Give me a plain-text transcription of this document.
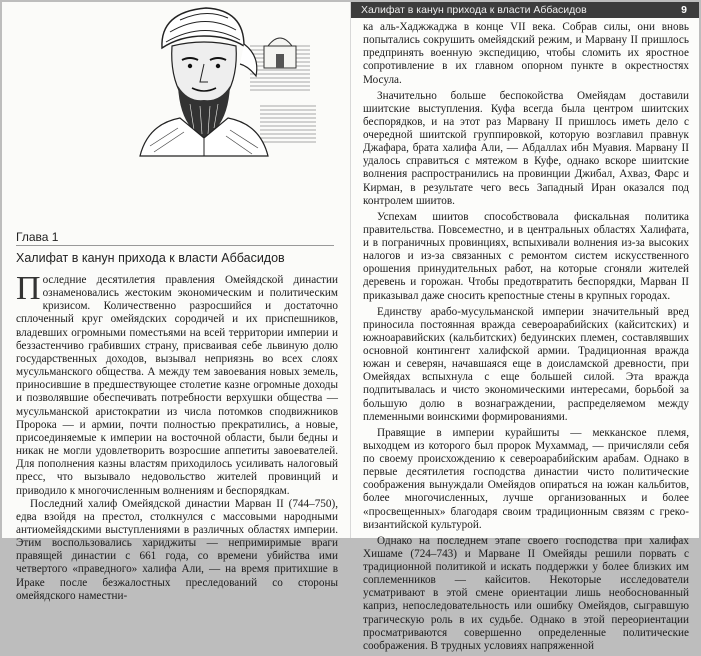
Глава 1

Халифат в канун прихода к власти Аббасидов

Последние десятилетия правления Омейядской династии ознаменовались жестоким экономическим и политическим кризисом. Количественно разросшийся и достаточно сплоченный круг омейядских сородичей и их приспешников, владевших огромными поместьями на всей территории империи и беззастенчиво грабивших страну, присваивая себе львиную долю государственных доходов, вызывал неприязнь во всех слоях мусульманского общества. А между тем завоевания новых земель, приносившие в предшествующее столетие казне огромные доходы и позволявшие обеспечивать потребности верхушки общества — мусульманской аристократии из числа потомков сподвижников Пророка — и армии, почти полностью прекратились, а новые, присоединяемые к империи на восточной области, были бедны и никак не могли удовлетворить возросшие аппетиты завоевателей. Для пополнения казны властям приходилось усиливать налоговый пресс, что вызывало недовольство жителей провинций и приводило к многочисленным волнениям и беспорядкам.

Последний халиф Омейядской династии Марван II (744–750), едва взойдя на престол, столкнулся с массовыми народными антиомейядскими выступлениями в различных областях империи. Этим воспользовались хариджиты — непримиримые враги правящей династии с 661 года, со времени убийства ими четвертого «праведного» халифа Али, — на время притихшие в Ираке после безжалостных преследований со стороны омейядского наместни-

Халифат в канун прихода к власти Аббасидов	9

ка аль-Хаджжаджа в конце VII века. Собрав силы, они вновь попытались сокрушить омейядский режим, и Марвану II пришлось предпринять военную экспедицию, чтобы сломить их яростное сопротивление в их главном опорном пункте в окрестностях Мосула.

Значительно больше беспокойства Омейядам доставили шиитские выступления. Куфа всегда была центром шиитских беспорядков, и на этот раз Марвану II пришлось иметь дело с очередной шиитской группировкой, которую возглавил правнук Джафара, брата халифа Али, — Абдаллах ибн Муавия. Марвану II удалось справиться с мятежом в Куфе, однако вскоре шиитские волнения распространились на провинции Джибал, Ахваз, Фарс и Кирман, в результате чего весь Западный Иран оказался под контролем шиитов.

Успехам шиитов способствовала фискальная политика правительства. Повсеместно, и в центральных областях Халифата, и в пограничных провинциях, вспыхивали волнения из-за высоких налогов и из-за связанных с ремонтом систем искусственного орошения принудительных работ, на которые сгоняли жителей деревень и горожан. Чтобы предотвратить беспорядки, Марван II приказывал даже сносить крепостные стены в крупных городах.

Единству арабо-мусульманской империи значительный вред приносила постоянная вражда североарабийских (кайситских) и южноаравийских (кальбитских) бедуинских племен, составлявших основной контингент халифской армии. Традиционная вражда южан и северян, начавшаяся еще в доисламской древности, при Омейядах вспыхнула с еще большей силой. Эта вражда подпитывалась и чисто экономическими интересами, борьбой за большую долю в вознаграждении, распределяемом между племенными воинскими формированиями.

Правящие в империи курайшиты — мекканское племя, выходцем из которого был пророк Мухаммад, — причисляли себя по своему происхождению к североарабийским арабам. Однако в первые десятилетия господства династии чисто политические соображения вынуждали Омейядов опираться на южан кальбитов, более многочисленных, лучше организованных и более «просвещенных» благодаря своим традиционным связям с греко-византийской культурой.

Однако на последнем этапе своего господства при халифах Хишаме (724–743) и Марване II Омейяды решили порвать с традиционной политикой и искать поддержки у более близких им соплеменников — кайситов. Некоторые исследователи усматривают в этой смене ориентации лишь необоснованный каприз, непоследовательность или ошибку Омейядов, сыгравшую трагическую роль в их судьбе. Однако в этой переориентации просматриваются совершенно определенные политические соображения. В трудных условиях напряженной
